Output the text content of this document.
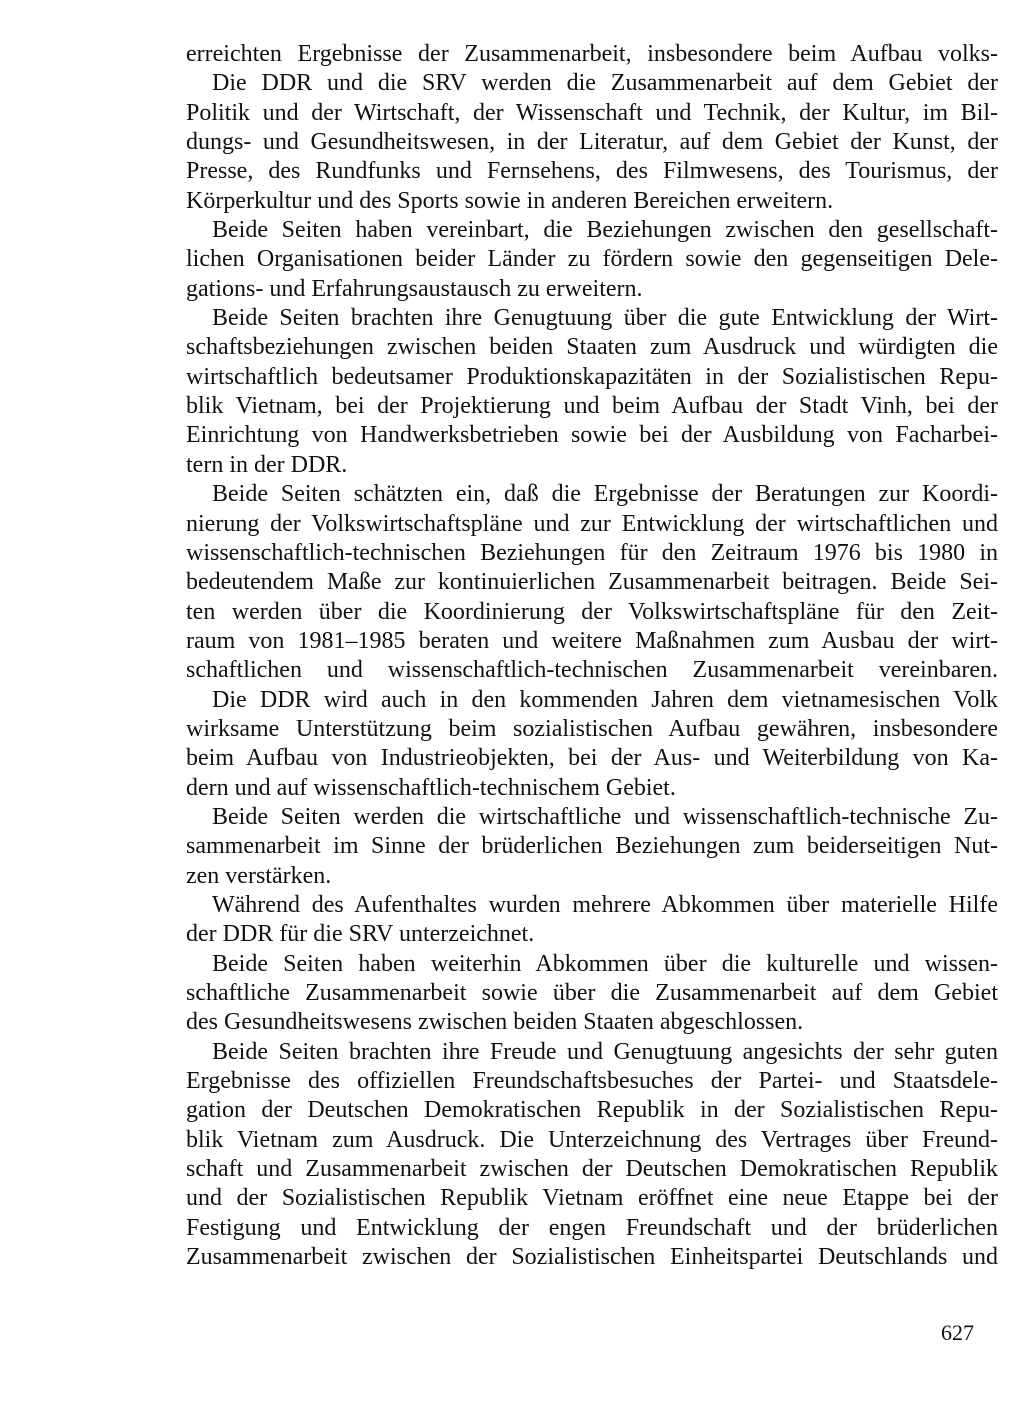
erreichten Ergebnisse der Zusammenarbeit, insbesondere beim Aufbau volks-
Die DDR und die SRV werden die Zusammenarbeit auf dem Gebiet der
Politik und der Wirtschaft, der Wissenschaft und Technik, der Kultur, im Bil-
dungs- und Gesundheitswesen, in der Literatur, auf dem Gebiet der Kunst, der
Presse, des Rundfunks und Fernsehens, des Filmwesens, des Tourismus, der
Körperkultur und des Sports sowie in anderen Bereichen erweitern.
Beide Seiten haben vereinbart, die Beziehungen zwischen den gesellschaft-
lichen Organisationen beider Länder zu fördern sowie den gegenseitigen Dele-
gations- und Erfahrungsaustausch zu erweitern.
Beide Seiten brachten ihre Genugtuung über die gute Entwicklung der Wirt-
schaftsbeziehungen zwischen beiden Staaten zum Ausdruck und würdigten die
wirtschaftlich bedeutsamer Produktionskapazitäten in der Sozialistischen Repu-
blik Vietnam, bei der Projektierung und beim Aufbau der Stadt Vinh, bei der
Einrichtung von Handwerksbetrieben sowie bei der Ausbildung von Facharbei-
tern in der DDR.
Beide Seiten schätzten ein, daß die Ergebnisse der Beratungen zur Koordi-
nierung der Volkswirtschaftspläne und zur Entwicklung der wirtschaftlichen und
wissenschaftlich-technischen Beziehungen für den Zeitraum 1976 bis 1980 in
bedeutendem Maße zur kontinuierlichen Zusammenarbeit beitragen. Beide Sei-
ten werden über die Koordinierung der Volkswirtschaftspläne für den Zeit-
raum von 1981–1985 beraten und weitere Maßnahmen zum Ausbau der wirt-
schaftlichen und wissenschaftlich-technischen Zusammenarbeit vereinbaren.
Die DDR wird auch in den kommenden Jahren dem vietnamesischen Volk
wirksame Unterstützung beim sozialistischen Aufbau gewähren, insbesondere
beim Aufbau von Industrieobjekten, bei der Aus- und Weiterbildung von Ka-
dern und auf wissenschaftlich-technischem Gebiet.
Beide Seiten werden die wirtschaftliche und wissenschaftlich-technische Zu-
sammenarbeit im Sinne der brüderlichen Beziehungen zum beiderseitigen Nut-
zen verstärken.
Während des Aufenthaltes wurden mehrere Abkommen über materielle Hilfe
der DDR für die SRV unterzeichnet.
Beide Seiten haben weiterhin Abkommen über die kulturelle und wissen-
schaftliche Zusammenarbeit sowie über die Zusammenarbeit auf dem Gebiet
des Gesundheitswesens zwischen beiden Staaten abgeschlossen.
Beide Seiten brachten ihre Freude und Genugtuung angesichts der sehr guten
Ergebnisse des offiziellen Freundschaftsbesuches der Partei- und Staatsdele-
gation der Deutschen Demokratischen Republik in der Sozialistischen Repu-
blik Vietnam zum Ausdruck. Die Unterzeichnung des Vertrages über Freund-
schaft und Zusammenarbeit zwischen der Deutschen Demokratischen Republik
und der Sozialistischen Republik Vietnam eröffnet eine neue Etappe bei der
Festigung und Entwicklung der engen Freundschaft und der brüderlichen
Zusammenarbeit zwischen der Sozialistischen Einheitspartei Deutschlands und
627
